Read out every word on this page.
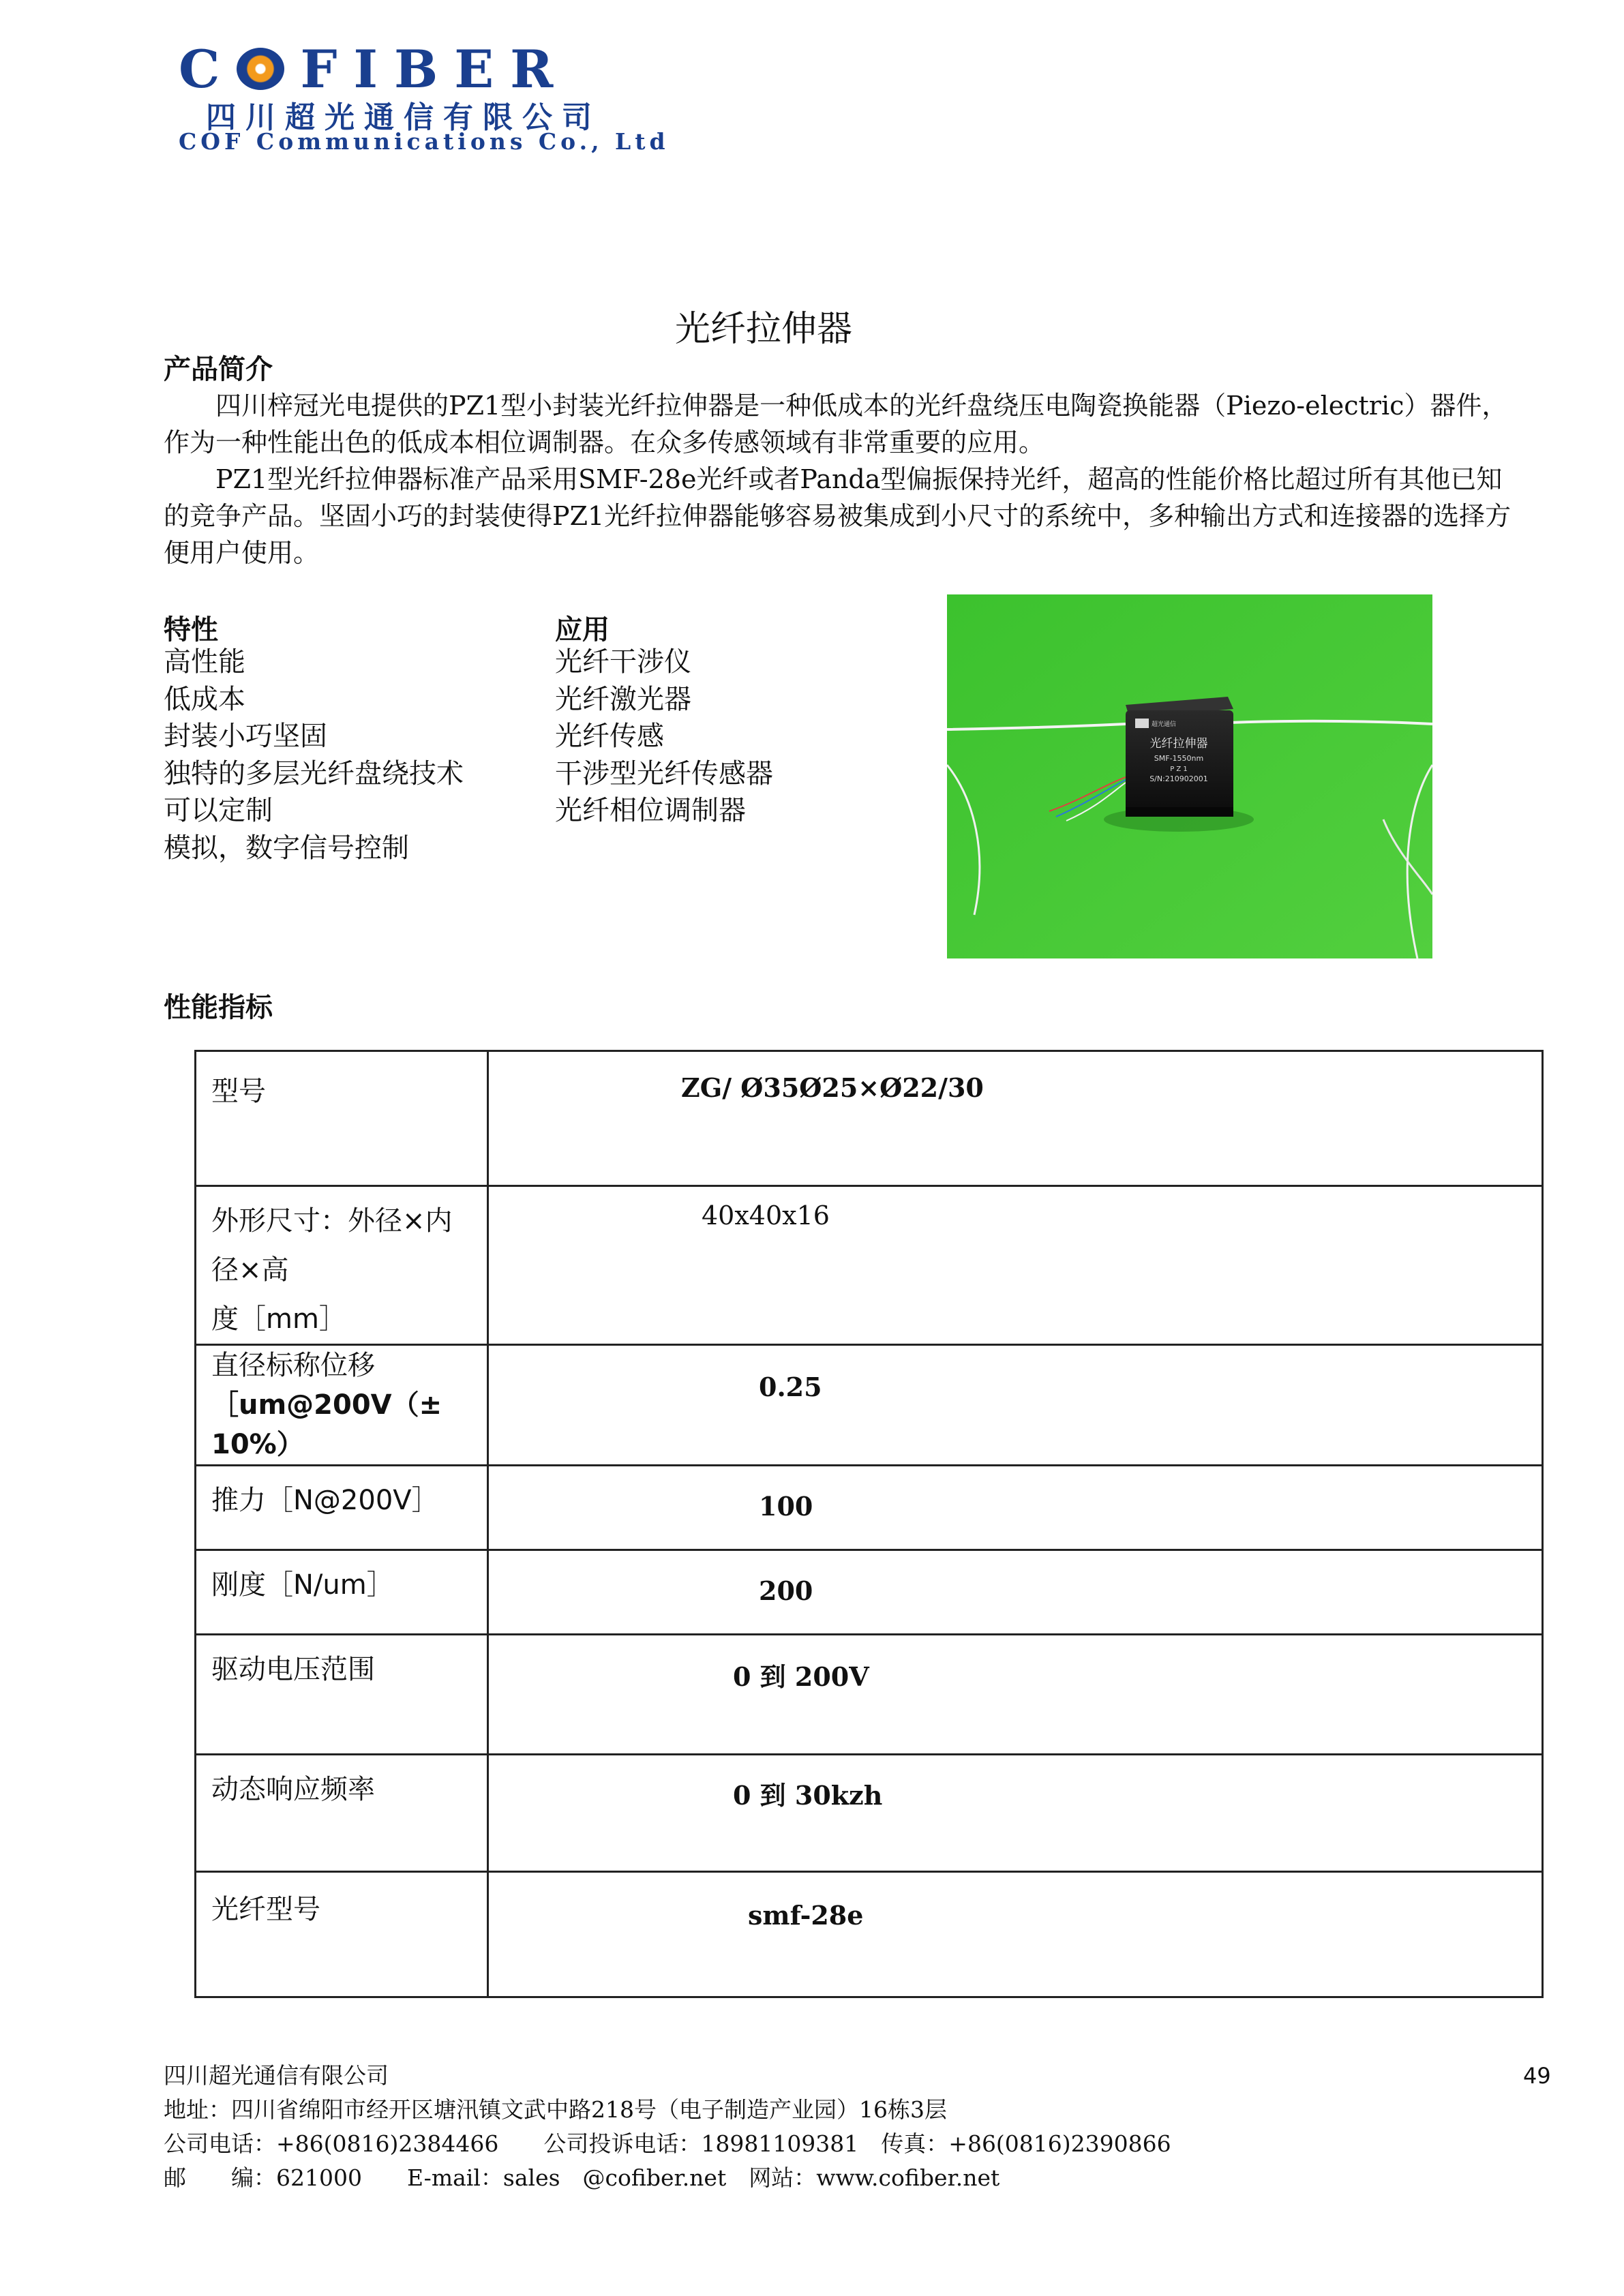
C FIBER
四川超光通信有限公司
COF Communications Co., Ltd
光纤拉伸器
产品简介
　　四川梓冠光电提供的PZ1型小封装光纤拉伸器是一种低成本的光纤盘绕压电陶瓷换能器（Piezo-electric）器件，作为一种性能出色的低成本相位调制器。在众多传感领域有非常重要的应用。
　　PZ1型光纤拉伸器标准产品采用SMF-28e光纤或者Panda型偏振保持光纤，超高的性能价格比超过所有其他已知的竞争产品。坚固小巧的封装使得PZ1光纤拉伸器能够容易被集成到小尺寸的系统中，多种输出方式和连接器的选择方便用户使用。
特性
高性能
低成本
封装小巧坚固
独特的多层光纤盘绕技术
可以定制
模拟，数字信号控制
应用
光纤干涉仪
光纤激光器
光纤传感
干涉型光纤传感器
光纤相位调制器
超光通信
光纤拉伸器
SMF-1550nm
P Z 1
S/N:210902001
性能指标
型号	ZG/ Ø35Ø25×Ø22/30

外形尺寸：外径×内
径×高
度［mm］	40x40x16

直径标称位移
［um@200V（±
10%）	0.25

推力［N@200V］	100

刚度［N/um］	200

驱动电压范围	0 到 200V

动态响应频率	0 到 30kzh

光纤型号	smf-28e
四川超光通信有限公司
地址：四川省绵阳市经开区塘汛镇文武中路218号（电子制造产业园）16栋3层
公司电话：+86(0816)2384466　　公司投诉电话：18981109381　传真：+86(0816)2390866
邮　　编：621000　　E-mail：sales　@cofiber.net　网站：www.cofiber.net
49
